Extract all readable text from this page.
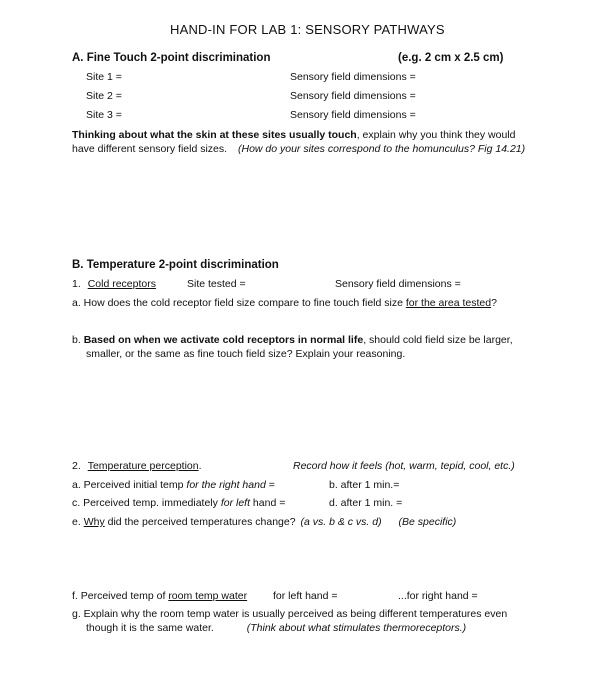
HAND-IN FOR LAB 1: SENSORY PATHWAYS
A. Fine Touch 2-point discrimination	(e.g. 2 cm x 2.5 cm)
Site 1 =	Sensory field dimensions =
Site 2 =	Sensory field dimensions =
Site 3 =	Sensory field dimensions =
Thinking about what the skin at these sites usually touch, explain why you think they would
have different sensory field sizes. (How do your sites correspond to the homunculus? Fig 14.21)
B. Temperature 2-point discrimination
1. Cold receptors	Site tested =	Sensory field dimensions =
a. How does the cold receptor field size compare to fine touch field size for the area tested?
b. Based on when we activate cold receptors in normal life, should cold field size be larger,
smaller, or the same as fine touch field size? Explain your reasoning.
2. Temperature perception.	Record how it feels (hot, warm, tepid, cool, etc.)
a. Perceived initial temp for the right hand =	b. after 1 min.=
c. Perceived temp. immediately for left hand =	d. after 1 min. =
e. Why did the perceived temperatures change? (a vs. b & c vs. d) (Be specific)
f. Perceived temp of room temp water for left hand =	...for right hand =
g. Explain why the room temp water is usually perceived as being different temperatures even
though it is the same water.	(Think about what stimulates thermoreceptors.)
